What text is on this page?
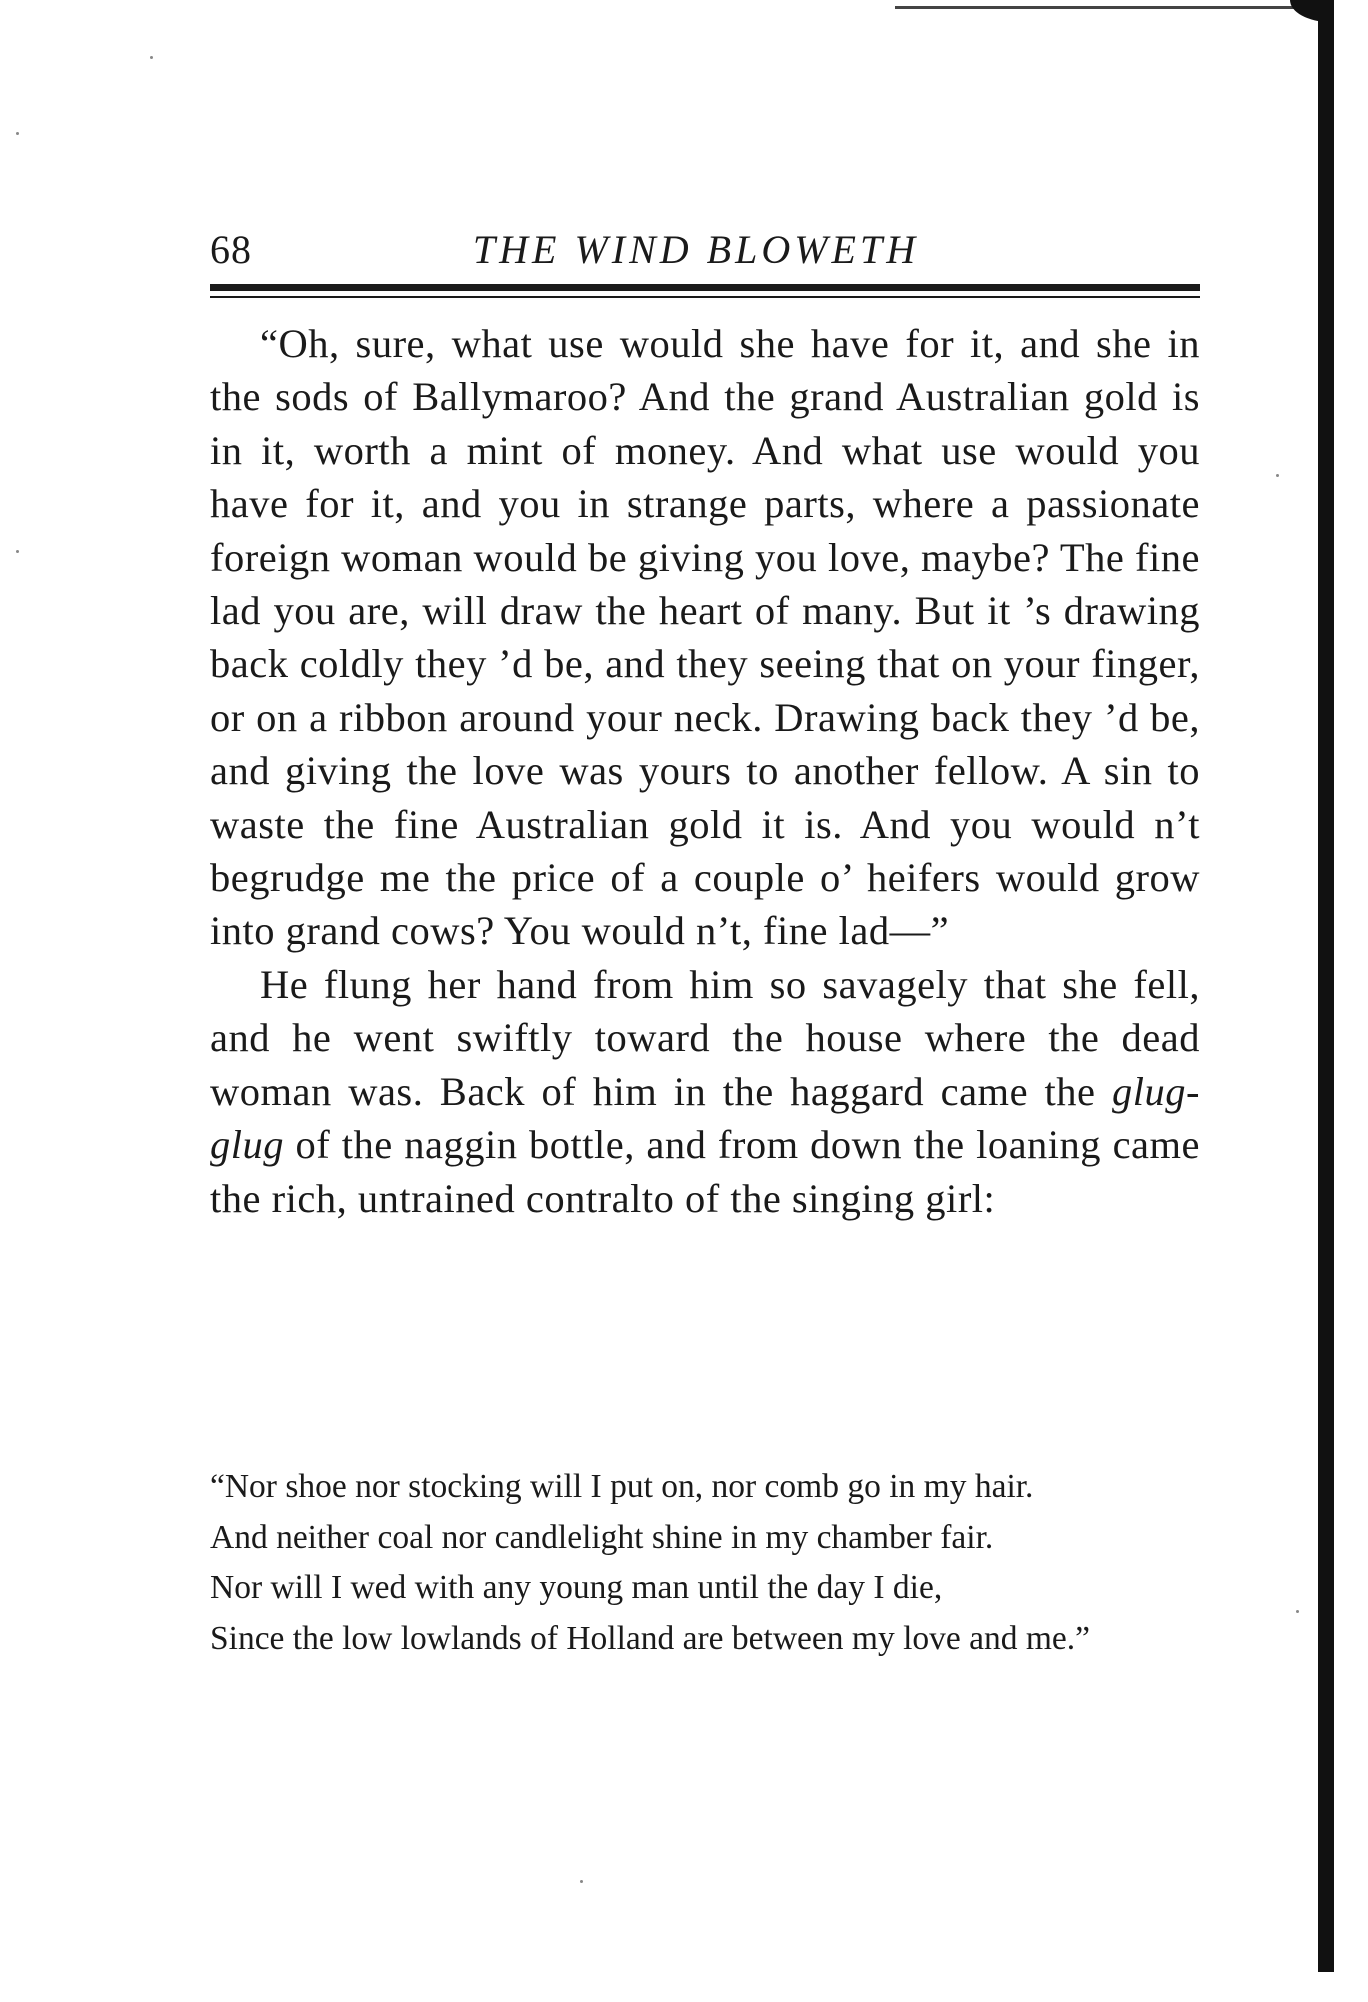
68	THE WIND BLOWETH

“Oh, sure, what use would she have for it, and she in the sods of Ballymaroo? And the grand Australian gold is in it, worth a mint of money. And what use would you have for it, and you in strange parts, where a passionate foreign woman would be giving you love, maybe? The fine lad you are, will draw the heart of many. But it ’s drawing back coldly they ’d be, and they seeing that on your finger, or on a ribbon around your neck. Drawing back they ’d be, and giving the love was yours to another fellow. A sin to waste the fine Australian gold it is. And you would n’t begrudge me the price of a couple o’ heifers would grow into grand cows? You would n’t, fine lad—”

He flung her hand from him so savagely that she fell, and he went swiftly toward the house where the dead woman was. Back of him in the haggard came the glug-glug of the naggin bottle, and from down the loaning came the rich, untrained contralto of the singing girl:

“Nor shoe nor stocking will I put on, nor comb go in my hair.

And neither coal nor candlelight shine in my chamber fair.

Nor will I wed with any young man until the day I die,

Since the low lowlands of Holland are between my love and me.”
